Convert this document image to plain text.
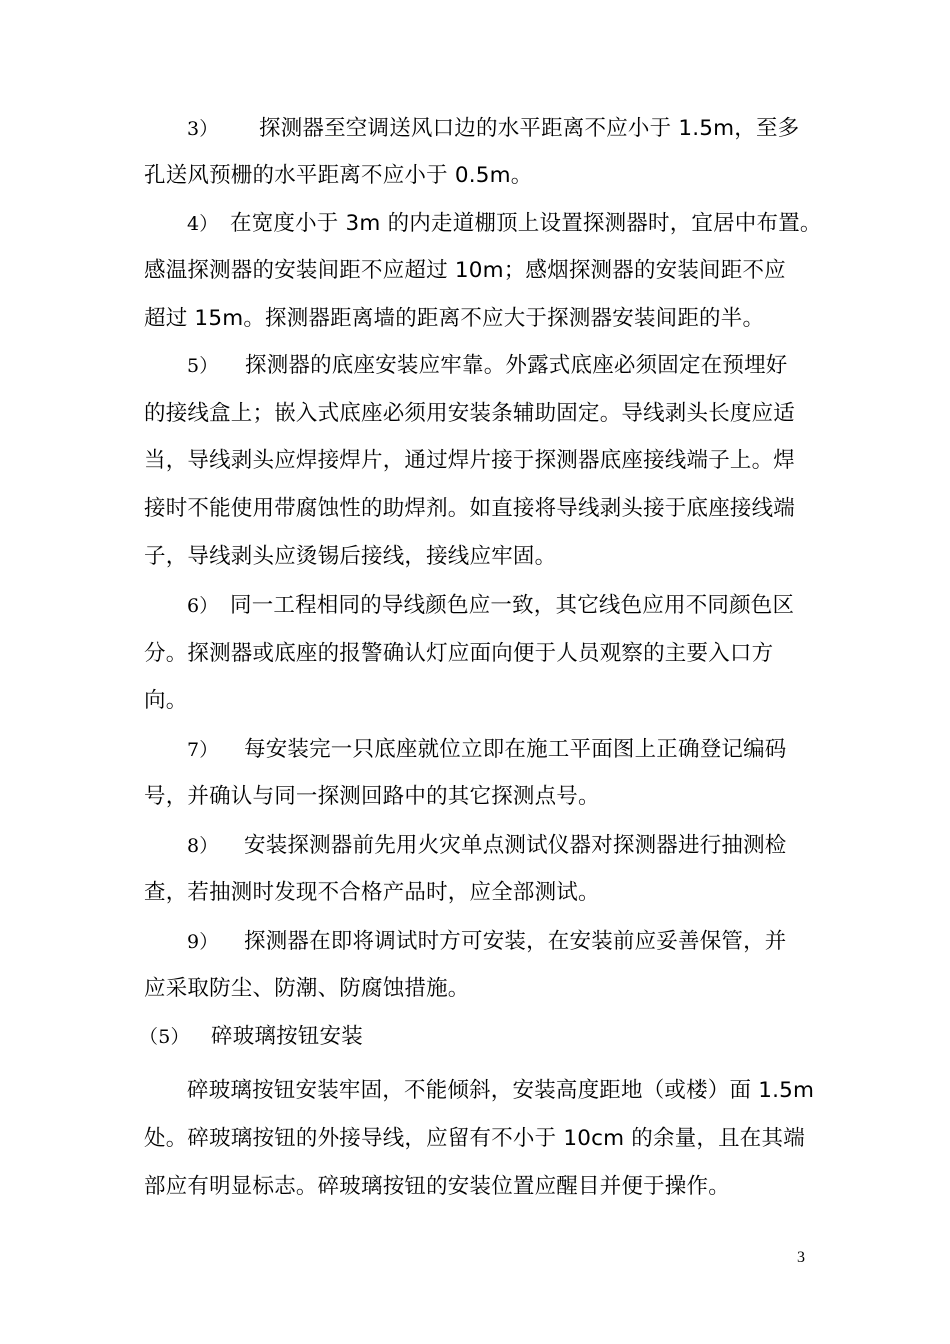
3） 探测器至空调送风口边的水平距离不应小于 1.5m，至多
孔送风预栅的水平距离不应小于 0.5m。
4） 在宽度小于 3m 的内走道棚顶上设置探测器时，宜居中布置。
感温探测器的安装间距不应超过 10m；感烟探测器的安装间距不应
超过 15m。探测器距离墙的距离不应大于探测器安装间距的半。
5） 探测器的底座安装应牢靠。外露式底座必须固定在预埋好
的接线盒上；嵌入式底座必须用安装条辅助固定。导线剥头长度应适
当，导线剥头应焊接焊片，通过焊片接于探测器底座接线端子上。焊
接时不能使用带腐蚀性的助焊剂。如直接将导线剥头接于底座接线端
子，导线剥头应烫锡后接线，接线应牢固。
6） 同一工程相同的导线颜色应一致，其它线色应用不同颜色区
分。探测器或底座的报警确认灯应面向便于人员观察的主要入口方
向。
7） 每安装完一只底座就位立即在施工平面图上正确登记编码
号，并确认与同一探测回路中的其它探测点号。
8） 安装探测器前先用火灾单点测试仪器对探测器进行抽测检
查，若抽测时发现不合格产品时，应全部测试。
9） 探测器在即将调试时方可安装，在安装前应妥善保管，并
应采取防尘、防潮、防腐蚀措施。
（5） 碎玻璃按钮安装
碎玻璃按钮安装牢固，不能倾斜，安装高度距地（或楼）面 1.5m
处。碎玻璃按钮的外接导线，应留有不小于 10cm 的余量，且在其端
部应有明显标志。碎玻璃按钮的安装位置应醒目并便于操作。
3
